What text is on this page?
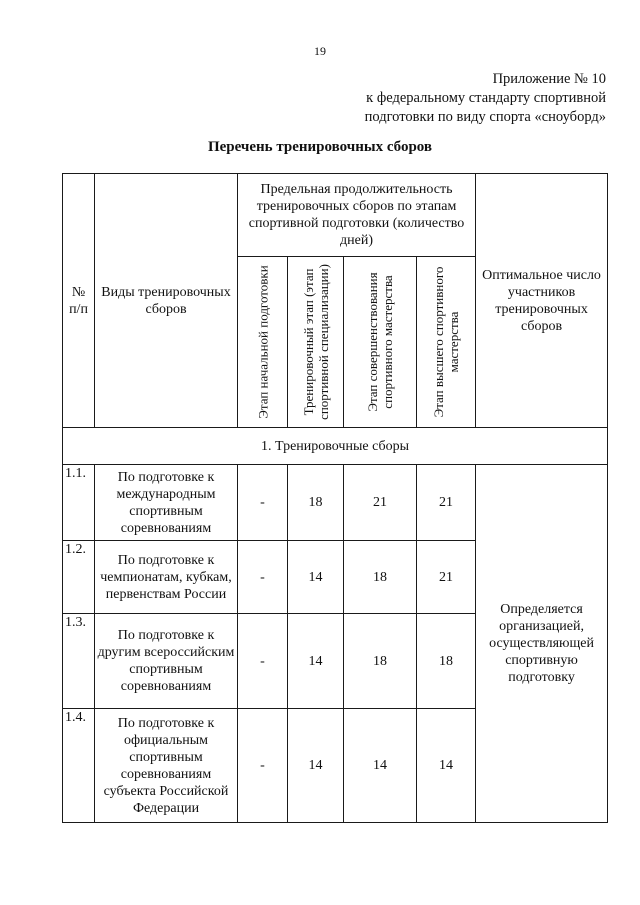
19
Приложение № 10
к федеральному стандарту спортивной
подготовки по виду спорта «сноуборд»
Перечень тренировочных сборов
№
п/п	Виды тренировочных сборов	Предельная продолжительность тренировочных сборов по этапам спортивной подготовки (количество дней)				Оптимальное число участников тренировочных сборов

		Этап начальной подготовки	Тренировочный этап (этап спортивной специализации)	Этап совершенствования спортивного мастерства	Этап высшего спортивного мастерства	

1. Тренировочные сборы						
1.1.	По подготовке к международным спортивным соревнованиям	-	18	21	21	Определяется организацией, осуществляющей спортивную подготовку
1.2.	По подготовке к чемпионатам, кубкам, первенствам России	-	14	18	21	
1.3.	По подготовке к другим всероссийским спортивным соревнованиям	-	14	18	18	
1.4.	По подготовке к официальным спортивным соревнованиям субъекта Российской Федерации	-	14	14	14	
